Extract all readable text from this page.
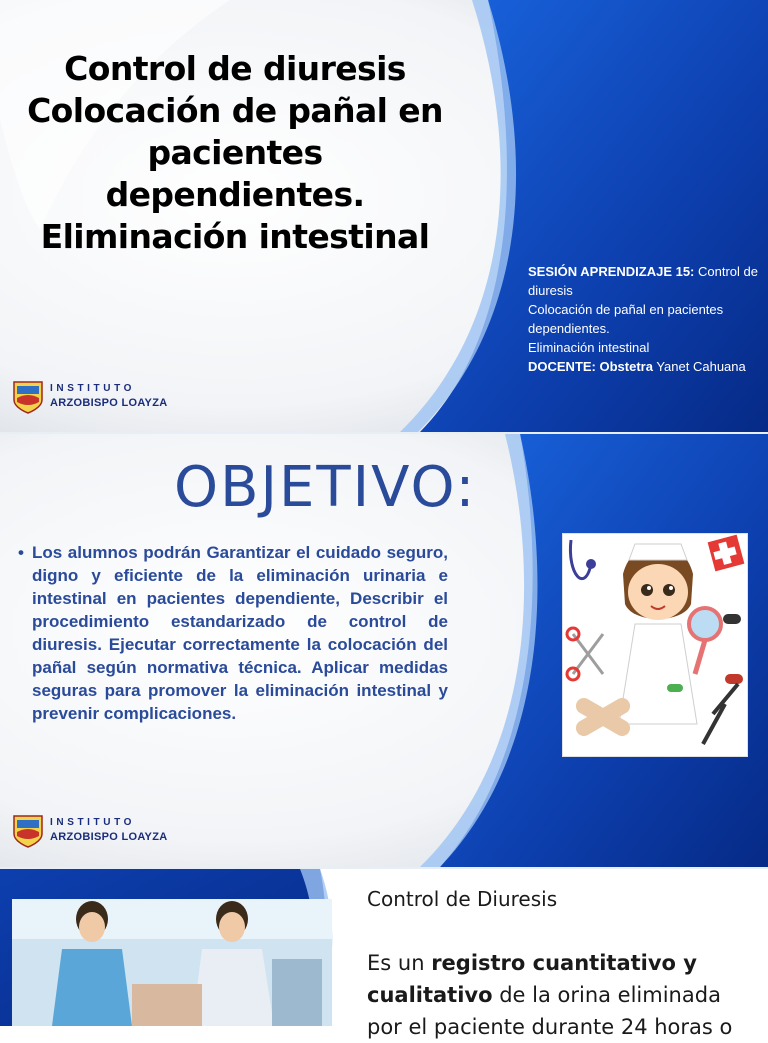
Control de diuresis
Colocación de pañal en
pacientes
dependientes.
Eliminación intestinal
SESIÓN APRENDIZAJE 15: Control de diuresis
Colocación de pañal en pacientes dependientes.
Eliminación intestinal
DOCENTE: Obstetra Yanet Cahuana
INSTITUTO
ARZOBISPO LOAYZA
OBJETIVO:
• Los alumnos podrán Garantizar el cuidado seguro, digno y eficiente de la eliminación urinaria e intestinal en pacientes dependiente, Describir el procedimiento estandarizado de control de diuresis. Ejecutar correctamente la colocación del pañal según normativa técnica. Aplicar medidas seguras para promover la eliminación intestinal y prevenir complicaciones.

INSTITUTO
ARZOBISPO LOAYZA
Control de Diuresis

Es un registro cuantitativo y cualitativo de la orina eliminada por el paciente durante 24 horas o
